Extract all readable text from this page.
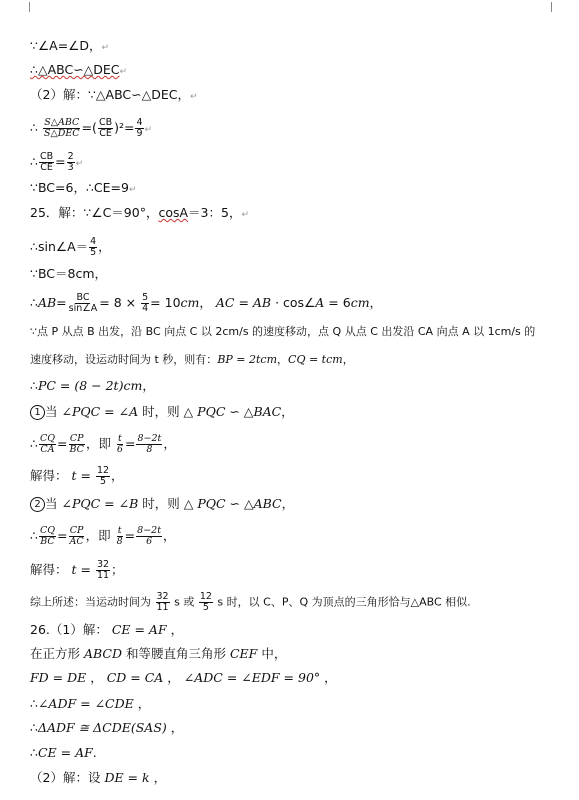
∵∠A=∠D，↵
∴△ABC∽△DEC↵
（2）解：∵△ABC∽△DEC，↵
∴ $\frac{\text{S△ABC}}{\text{S△DEC}}$ =( $\frac{CB}{CE} )^2= \frac{4}{9}$ ↵
∴ $\frac{CB}{CE} = \frac{2}{3}$ ↵
∵BC=6，∴CE=9↵
25．解：∵∠C＝90°，cosA＝3：5，↵
∴sin∠A＝ $\frac{4}{5}$ ，
∵BC＝8cm，
∴AB= $\frac{BC}{\sin\angle A} = 8 \times \frac{5}{4} = 10cm$， AC = AB · cos∠A = 6cm，
∵点 P 从点 B 出发，沿 BC 向点 C 以 2cm/s 的速度移动，点 Q 从点 C 出发沿 CA 向点 A 以 1cm/s 的
速度移动，设运动时间为 t 秒，则有：BP = 2tcm，CQ = tcm，
∴PC = (8 − 2t)cm，
1 当 ∠PQC = ∠A 时，则 △ PQC ∽ △BAC，
∴ $\frac{CQ}{CA} = \frac{CP}{BC}$ ，即 $\frac{t}{6} = \frac{8-2t}{8}$ ，
解得： $t = \frac{12}{5}$ ，
2 当 ∠PQC = ∠B 时，则 △ PQC ∽ △ABC，
∴ $\frac{CQ}{BC} = \frac{CP}{AC}$ ，即 $\frac{t}{8} = \frac{8-2t}{6}$ ，
解得： $t = \frac{32}{11}$ ；
综上所述：当运动时间为 $\frac{32}{11}$ s 或 $\frac{12}{5}$ s 时，以 C、P、Q 为顶点的三角形恰与△ABC 相似.
26.（1）解： CE = AF ，
在正方形 ABCD 和等腰直角三角形 CEF 中，
FD = DE ， CD = CA ， ∠ADC = ∠EDF = 90° ，
∴∠ADF = ∠CDE ，
∴ΔADF ≅ ΔCDE(SAS) ，
∴CE = AF.
（2）解：设 DE = k ，
